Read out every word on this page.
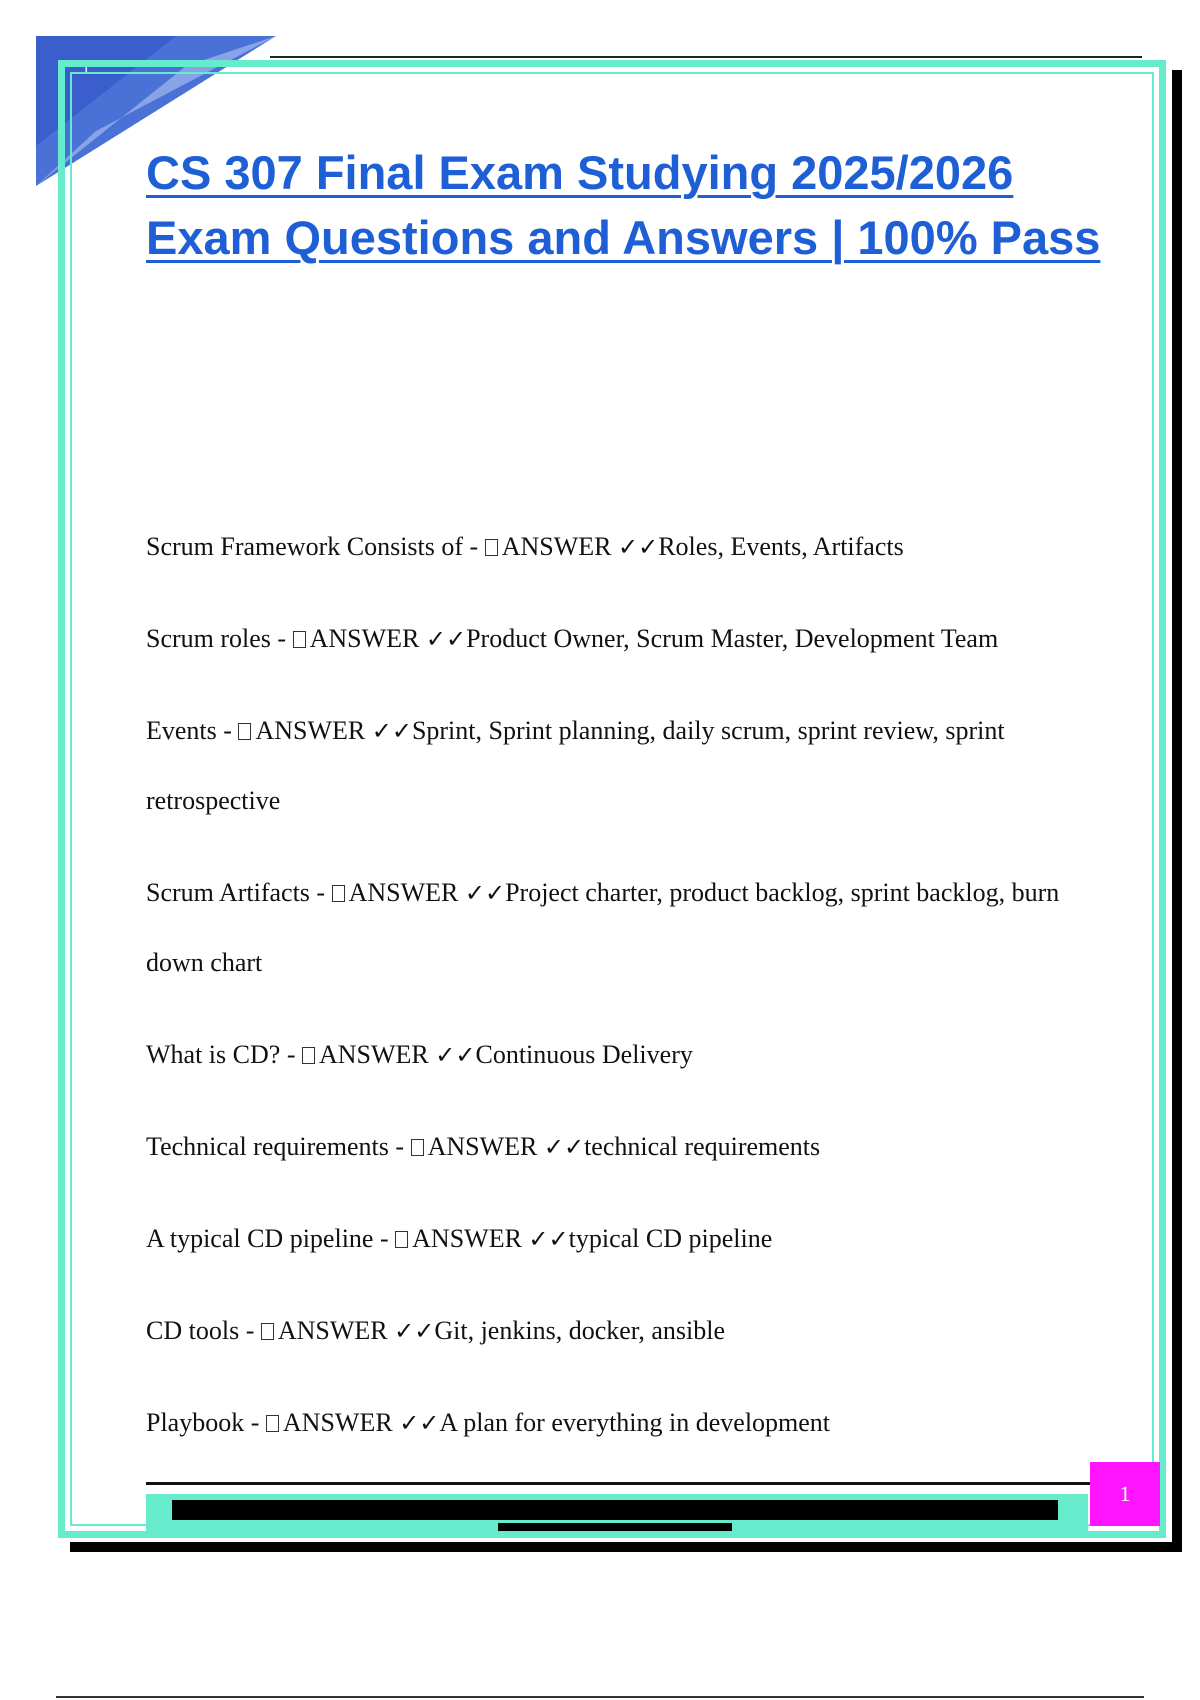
1
CS 307 Final Exam Studying 2025/2026 Exam Questions and Answers | 100% Pass
Scrum Framework Consists of - ANSWER ✓✓Roles, Events, Artifacts
Scrum roles - ANSWER ✓✓Product Owner, Scrum Master, Development Team
Events - ANSWER ✓✓Sprint, Sprint planning, daily scrum, sprint review, sprint retrospective
Scrum Artifacts - ANSWER ✓✓Project charter, product backlog, sprint backlog, burn down chart
What is CD? - ANSWER ✓✓Continuous Delivery
Technical requirements - ANSWER ✓✓technical requirements
A typical CD pipeline - ANSWER ✓✓typical CD pipeline
CD tools - ANSWER ✓✓Git, jenkins, docker, ansible
Playbook - ANSWER ✓✓A plan for everything in development
1
